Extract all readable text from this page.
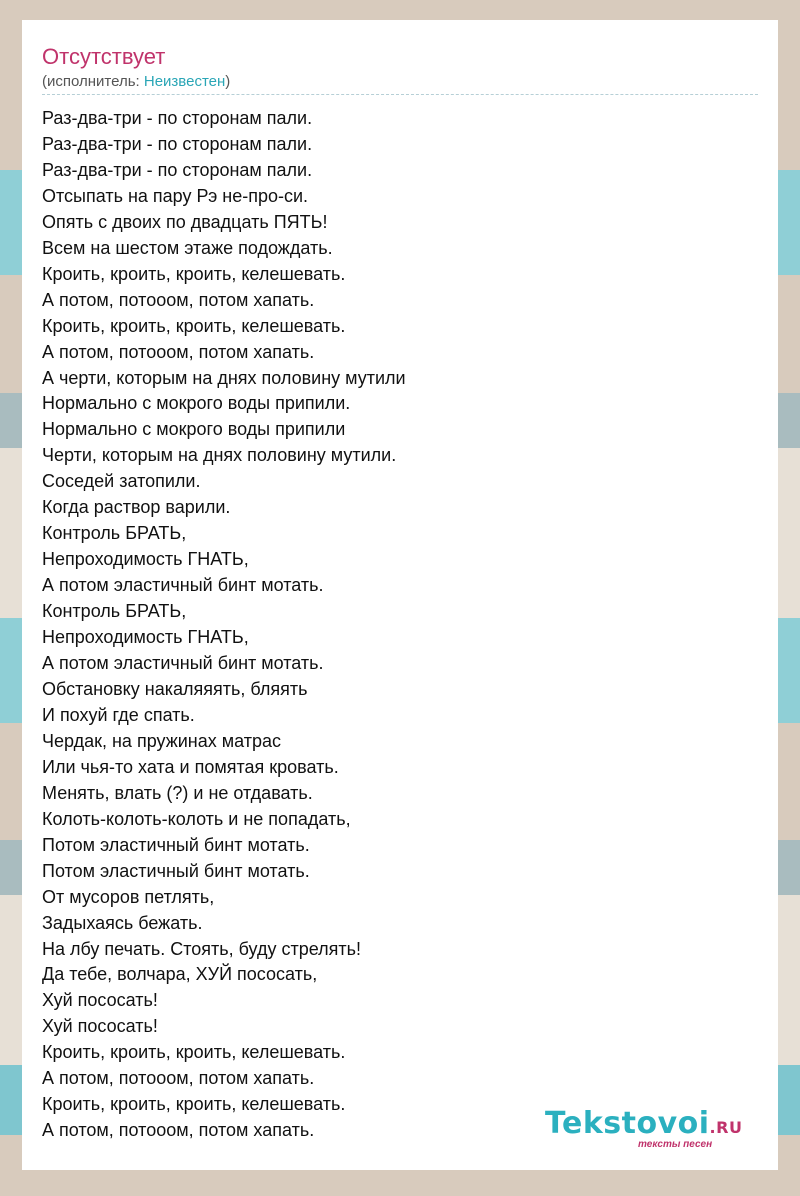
Отсутствует
(исполнитель: Неизвестен)
Раз-два-три - по сторонам пали.
Раз-два-три - по сторонам пали.
Раз-два-три - по сторонам пали.
Отсыпать на пару Рэ не-про-си.
Опять с двоих по двадцать ПЯТЬ!
Всем на шестом этаже подождать.
Кроить, кроить, кроить, келешевать.
А потом, потооом, потом хапать.
Кроить, кроить, кроить, келешевать.
А потом, потооом, потом хапать.
А черти, которым на днях половину мутили
Нормально с мокрого воды припили.
Нормально с мокрого воды припили
Черти, которым на днях половину мутили.
Соседей затопили.
Когда раствор варили.
Контроль БРАТЬ,
Непроходимость ГНАТЬ,
А потом эластичный бинт мотать.
Контроль БРАТЬ,
Непроходимость ГНАТЬ,
А потом эластичный бинт мотать.
Обстановку накаляяять, бляять
И похуй где спать.
Чердак, на пружинах матрас
Или чья-то хата и помятая кровать.
Менять, влать (?) и не отдавать.
Колоть-колоть-колоть и не попадать,
Потом эластичный бинт мотать.
Потом эластичный бинт мотать.
От мусоров петлять,
Задыхаясь бежать.
На лбу печать. Стоять, буду стрелять!
Да тебе, волчара, ХУЙ пососать,
Хуй пососать!
Хуй пососать!
Кроить, кроить, кроить, келешевать.
А потом, потооом, потом хапать.
Кроить, кроить, кроить, келешевать.
А потом, потооом, потом хапать.	Tekstovoi.RU
тексты песен
